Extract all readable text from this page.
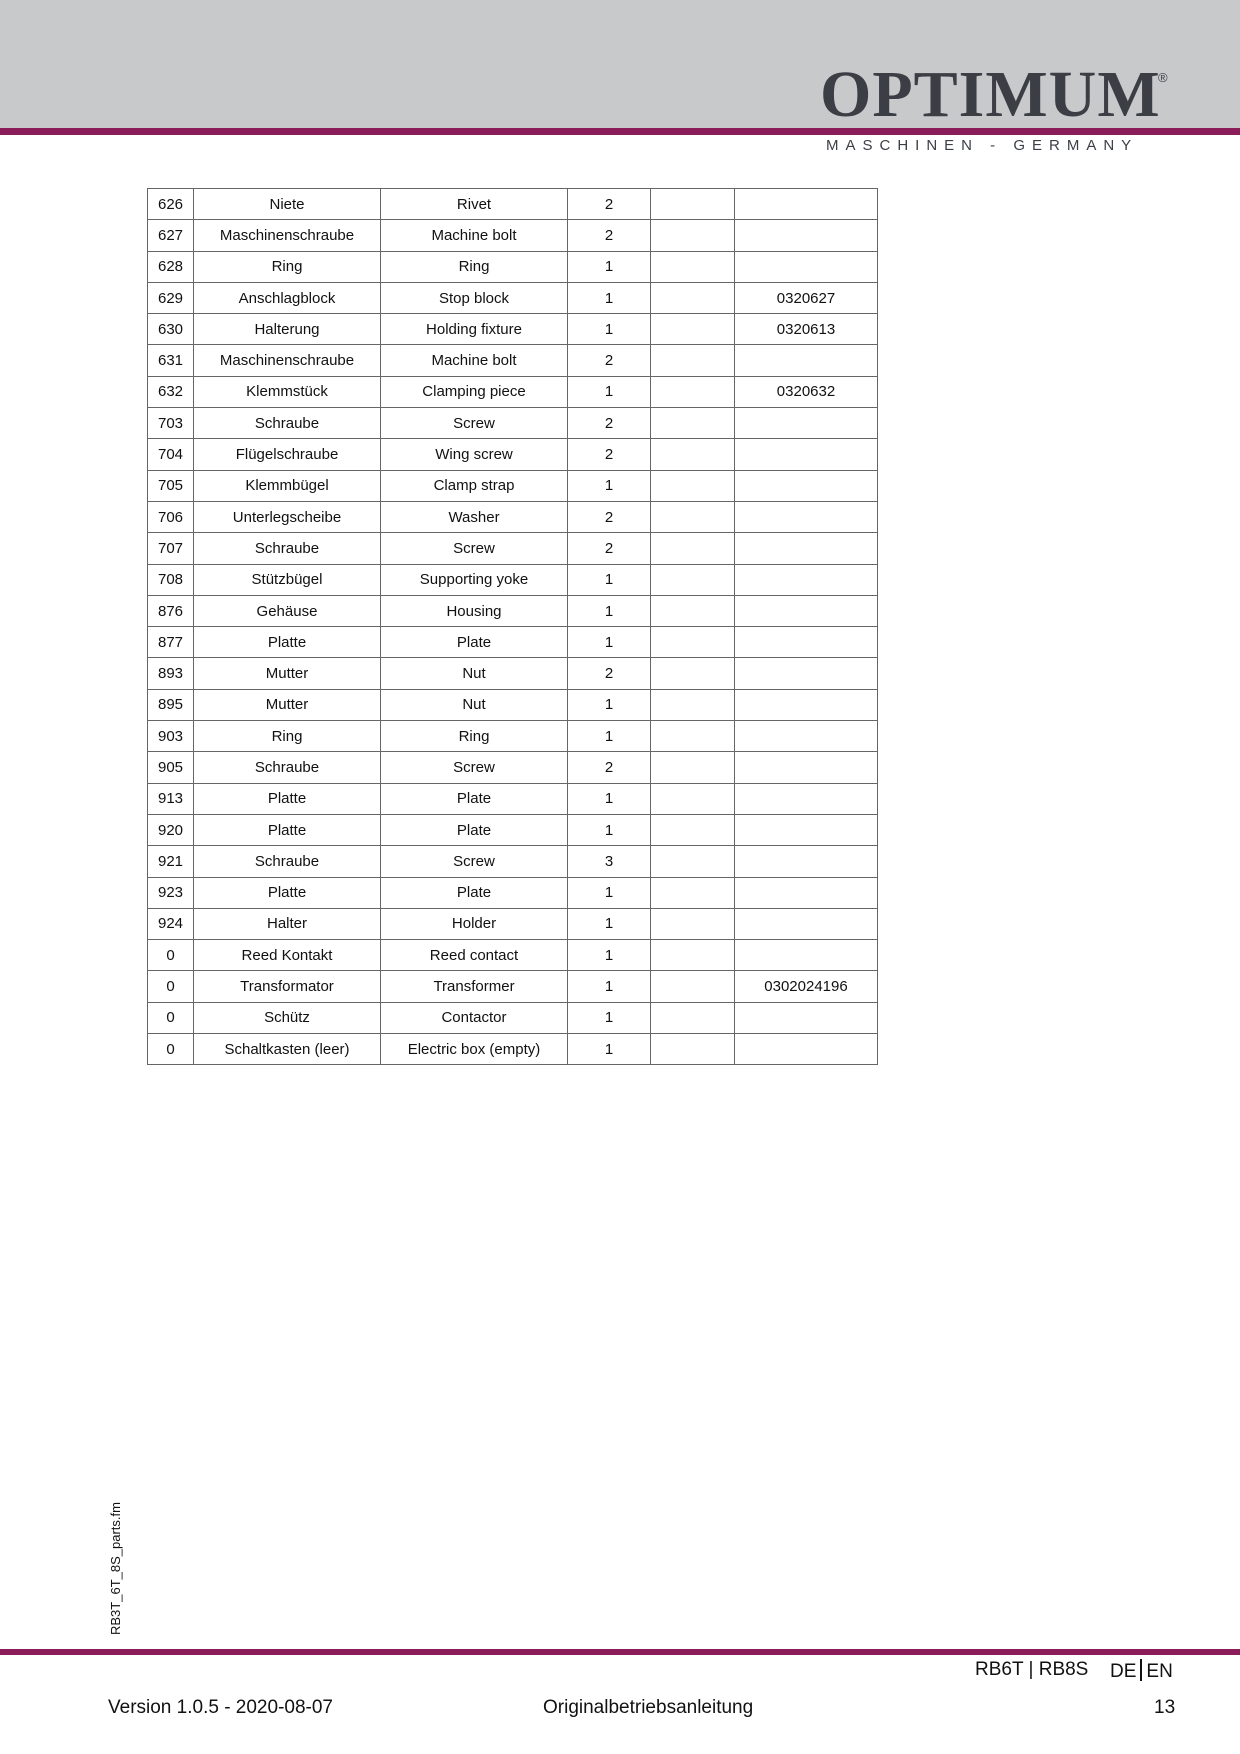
OPTIMUM
®
MASCHINEN - GERMANY
626	Niete	Rivet	2		
627	Maschinenschraube	Machine bolt	2		
628	Ring	Ring	1		
629	Anschlagblock	Stop block	1		0320627
630	Halterung	Holding fixture	1		0320613
631	Maschinenschraube	Machine bolt	2		
632	Klemmstück	Clamping piece	1		0320632
703	Schraube	Screw	2		
704	Flügelschraube	Wing screw	2		
705	Klemmbügel	Clamp strap	1		
706	Unterlegscheibe	Washer	2		
707	Schraube	Screw	2		
708	Stützbügel	Supporting yoke	1		
876	Gehäuse	Housing	1		
877	Platte	Plate	1		
893	Mutter	Nut	2		
895	Mutter	Nut	1		
903	Ring	Ring	1		
905	Schraube	Screw	2		
913	Platte	Plate	1		
920	Platte	Plate	1		
921	Schraube	Screw	3		
923	Platte	Plate	1		
924	Halter	Holder	1		
0	Reed Kontakt	Reed contact	1		
0	Transformator	Transformer	1		0302024196
0	Schütz	Contactor	1		
0	Schaltkasten (leer)	Electric box (empty)	1		
RB3T_6T_8S_parts.fm
RB6T | RB8S DE EN
Version 1.0.5 - 2020-08-07	Originalbetriebsanleitung	13
